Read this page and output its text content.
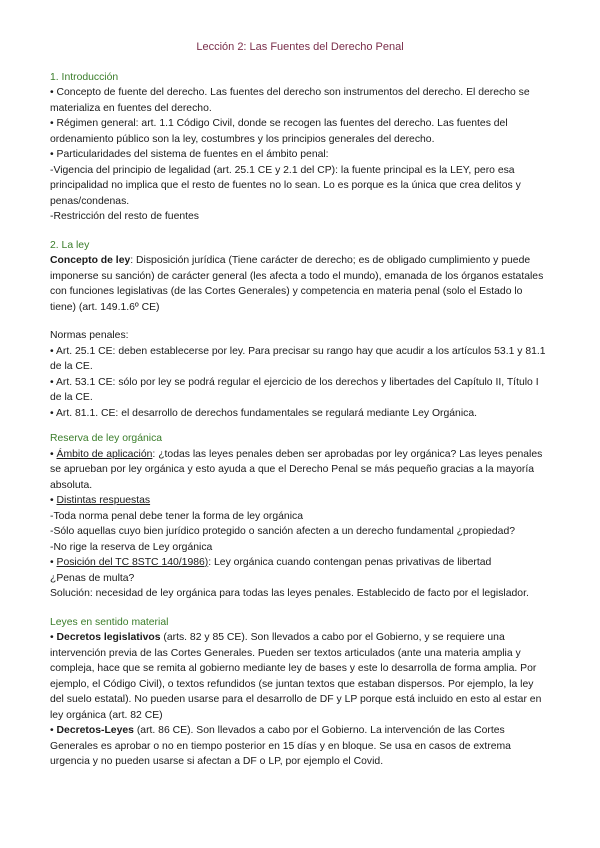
Lección 2: Las Fuentes del Derecho Penal

1. Introducción

• Concepto de fuente del derecho. Las fuentes del derecho son instrumentos del derecho. El derecho se materializa en fuentes del derecho.

• Régimen general: art. 1.1 Código Civil, donde se recogen las fuentes del derecho. Las fuentes del ordenamiento público son la ley, costumbres y los principios generales del derecho.

• Particularidades del sistema de fuentes en el ámbito penal:

-Vigencia del principio de legalidad (art. 25.1 CE y 2.1 del CP): la fuente principal es la LEY, pero esa principalidad no implica que el resto de fuentes no lo sean. Lo es porque es la única que crea delitos y penas/condenas.

-Restricción del resto de fuentes

2. La ley

Concepto de ley: Disposición jurídica (Tiene carácter de derecho; es de obligado cumplimiento y puede imponerse su sanción) de carácter general (les afecta a todo el mundo), emanada de los órganos estatales con funciones legislativas (de las Cortes Generales) y competencia en materia penal (solo el Estado lo tiene) (art. 149.1.6º CE)

Normas penales:

• Art. 25.1 CE: deben establecerse por ley. Para precisar su rango hay que acudir a los artículos 53.1 y 81.1 de la CE.

• Art. 53.1 CE: sólo por ley se podrá regular el ejercicio de los derechos y libertades del Capítulo II, Título I de la CE.

• Art. 81.1. CE: el desarrollo de derechos fundamentales se regulará mediante Ley Orgánica.

Reserva de ley orgánica

• Ámbito de aplicación: ¿todas las leyes penales deben ser aprobadas por ley orgánica? Las leyes penales se aprueban por ley orgánica y esto ayuda a que el Derecho Penal se más pequeño gracias a la mayoría absoluta.

• Distintas respuestas

-Toda norma penal debe tener la forma de ley orgánica

-Sólo aquellas cuyo bien jurídico protegido o sanción afecten a un derecho fundamental ¿propiedad?

-No rige la reserva de Ley orgánica

• Posición del TC 8STC 140/1986): Ley orgánica cuando contengan penas privativas de libertad

¿Penas de multa?

Solución: necesidad de ley orgánica para todas las leyes penales. Establecido de facto por el legislador.

Leyes en sentido material

• Decretos legislativos (arts. 82 y 85 CE). Son llevados a cabo por el Gobierno, y se requiere una intervención previa de las Cortes Generales. Pueden ser textos articulados (ante una materia amplia y compleja, hace que se remita al gobierno mediante ley de bases y este lo desarrolla de forma amplia. Por ejemplo, el Código Civil), o textos refundidos (se juntan textos que estaban dispersos. Por ejemplo, la ley del suelo estatal). No pueden usarse para el desarrollo de DF y LP porque está incluido en esto al estar en ley orgánica (art. 82 CE)

• Decretos-Leyes (art. 86 CE). Son llevados a cabo por el Gobierno. La intervención de las Cortes Generales es aprobar o no en tiempo posterior en 15 días y en bloque. Se usa en casos de extrema urgencia y no pueden usarse si afectan a DF o LP, por ejemplo el Covid.
